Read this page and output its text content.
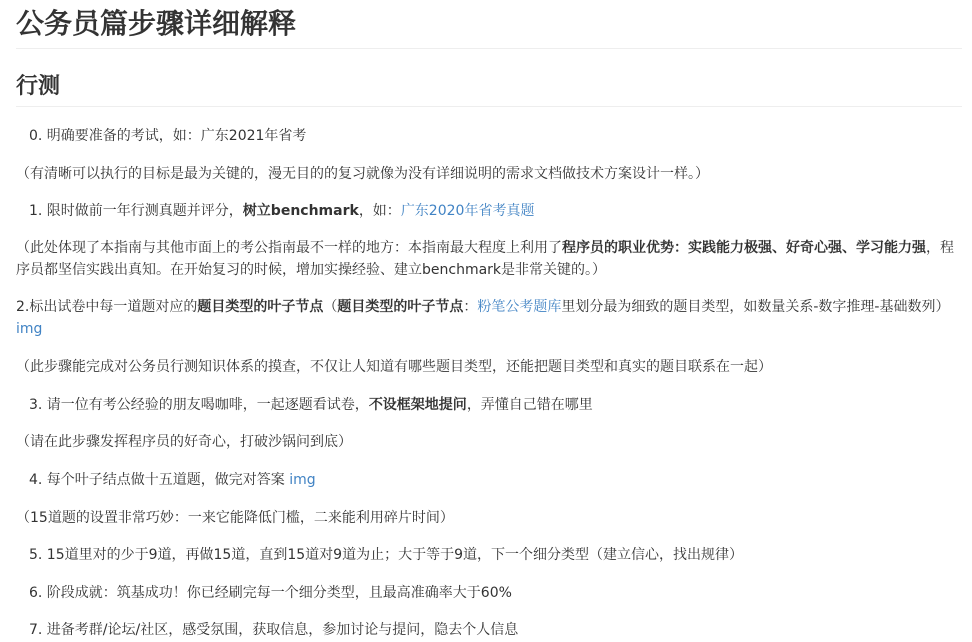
公务员篇步骤详细解释
行测

0. 明确要准备的考试，如：广东2021年省考

（有清晰可以执行的目标是最为关键的，漫无目的的复习就像为没有详细说明的需求文档做技术方案设计一样。）

1. 限时做前一年行测真题并评分，树立benchmark，如：广东2020年省考真题

（此处体现了本指南与其他市面上的考公指南最不一样的地方：本指南最大程度上利用了程序员的职业优势：实践能力极强、好奇心强、学习能力强，程序员都坚信实践出真知。在开始复习的时候，增加实操经验、建立benchmark是非常关键的。）

2.标出试卷中每一道题对应的题目类型的叶子节点（题目类型的叶子节点：粉笔公考题库里划分最为细致的题目类型，如数量关系-数字推理-基础数列）img

（此步骤能完成对公务员行测知识体系的摸查，不仅让人知道有哪些题目类型，还能把题目类型和真实的题目联系在一起）

3. 请一位有考公经验的朋友喝咖啡，一起逐题看试卷，不设框架地提问，弄懂自己错在哪里

（请在此步骤发挥程序员的好奇心，打破沙锅问到底）

4. 每个叶子结点做十五道题，做完对答案 img

（15道题的设置非常巧妙：一来它能降低门槛，二来能利用碎片时间）

5. 15道里对的少于9道，再做15道，直到15道对9道为止；大于等于9道，下一个细分类型（建立信心，找出规律）

6. 阶段成就：筑基成功！你已经刷完每一个细分类型，且最高准确率大于60%

7. 进备考群/论坛/社区，感受氛围，获取信息，参加讨论与提问，隐去个人信息
